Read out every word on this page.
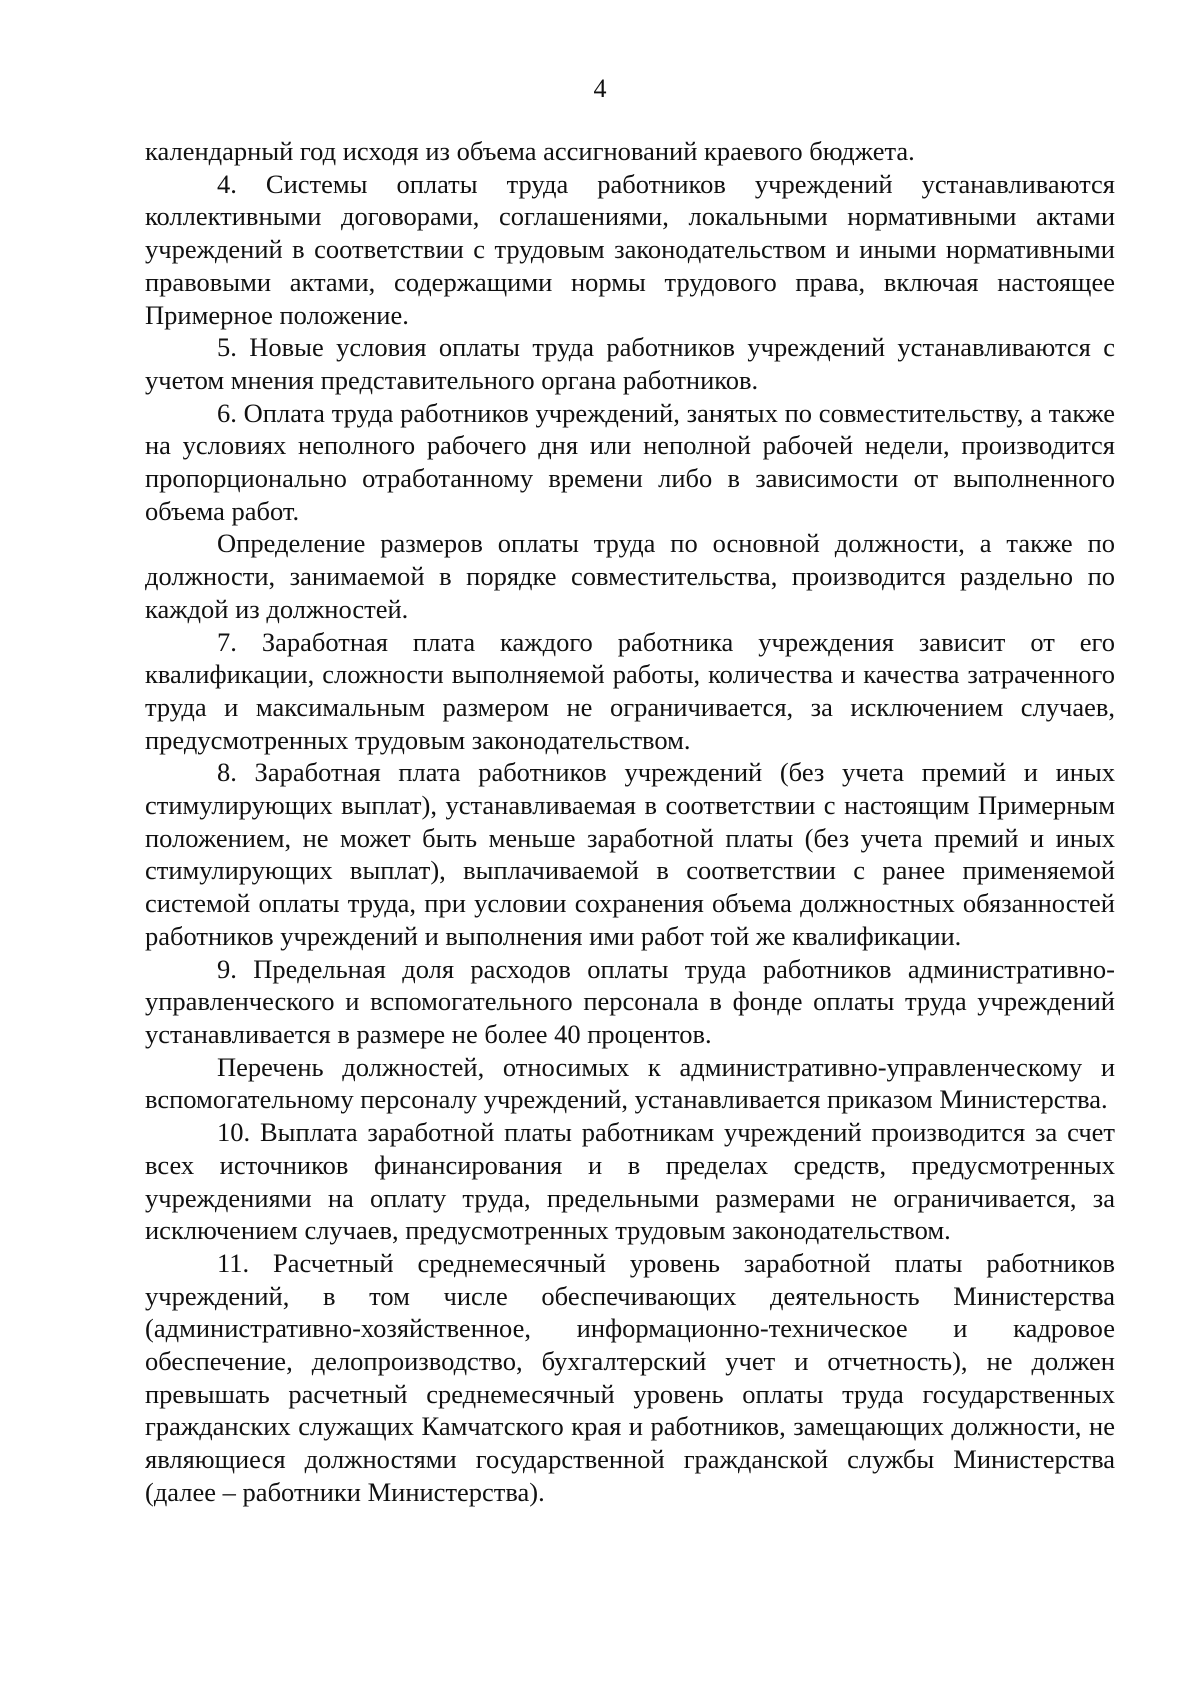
4

календарный год исходя из объема ассигнований краевого бюджета.

4. Системы оплаты труда работников учреждений устанавливаются коллективными договорами, соглашениями, локальными нормативными актами учреждений в соответствии с трудовым законодательством и иными нормативными правовыми актами, содержащими нормы трудового права, включая настоящее Примерное положение.

5. Новые условия оплаты труда работников учреждений устанавливаются с учетом мнения представительного органа работников.

6. Оплата труда работников учреждений, занятых по совместительству, а также на условиях неполного рабочего дня или неполной рабочей недели, производится пропорционально отработанному времени либо в зависимости от выполненного объема работ.

Определение размеров оплаты труда по основной должности, а также по должности, занимаемой в порядке совместительства, производится раздельно по каждой из должностей.

7. Заработная плата каждого работника учреждения зависит от его квалификации, сложности выполняемой работы, количества и качества затраченного труда и максимальным размером не ограничивается, за исключением случаев, предусмотренных трудовым законодательством.

8. Заработная плата работников учреждений (без учета премий и иных стимулирующих выплат), устанавливаемая в соответствии с настоящим Примерным положением, не может быть меньше заработной платы (без учета премий и иных стимулирующих выплат), выплачиваемой в соответствии с ранее применяемой системой оплаты труда, при условии сохранения объема должностных обязанностей работников учреждений и выполнения ими работ той же квалификации.

9. Предельная доля расходов оплаты труда работников административно-управленческого и вспомогательного персонала в фонде оплаты труда учреждений устанавливается в размере не более 40 процентов.

Перечень должностей, относимых к административно-управленческому и вспомогательному персоналу учреждений, устанавливается приказом Министерства.

10. Выплата заработной платы работникам учреждений производится за счет всех источников финансирования и в пределах средств, предусмотренных учреждениями на оплату труда, предельными размерами не ограничивается, за исключением случаев, предусмотренных трудовым законодательством.

11. Расчетный среднемесячный уровень заработной платы работников учреждений, в том числе обеспечивающих деятельность Министерства (административно-хозяйственное, информационно-техническое и кадровое обеспечение, делопроизводство, бухгалтерский учет и отчетность), не должен превышать расчетный среднемесячный уровень оплаты труда государственных гражданских служащих Камчатского края и работников, замещающих должности, не являющиеся должностями государственной гражданской службы Министерства (далее – работники Министерства).
